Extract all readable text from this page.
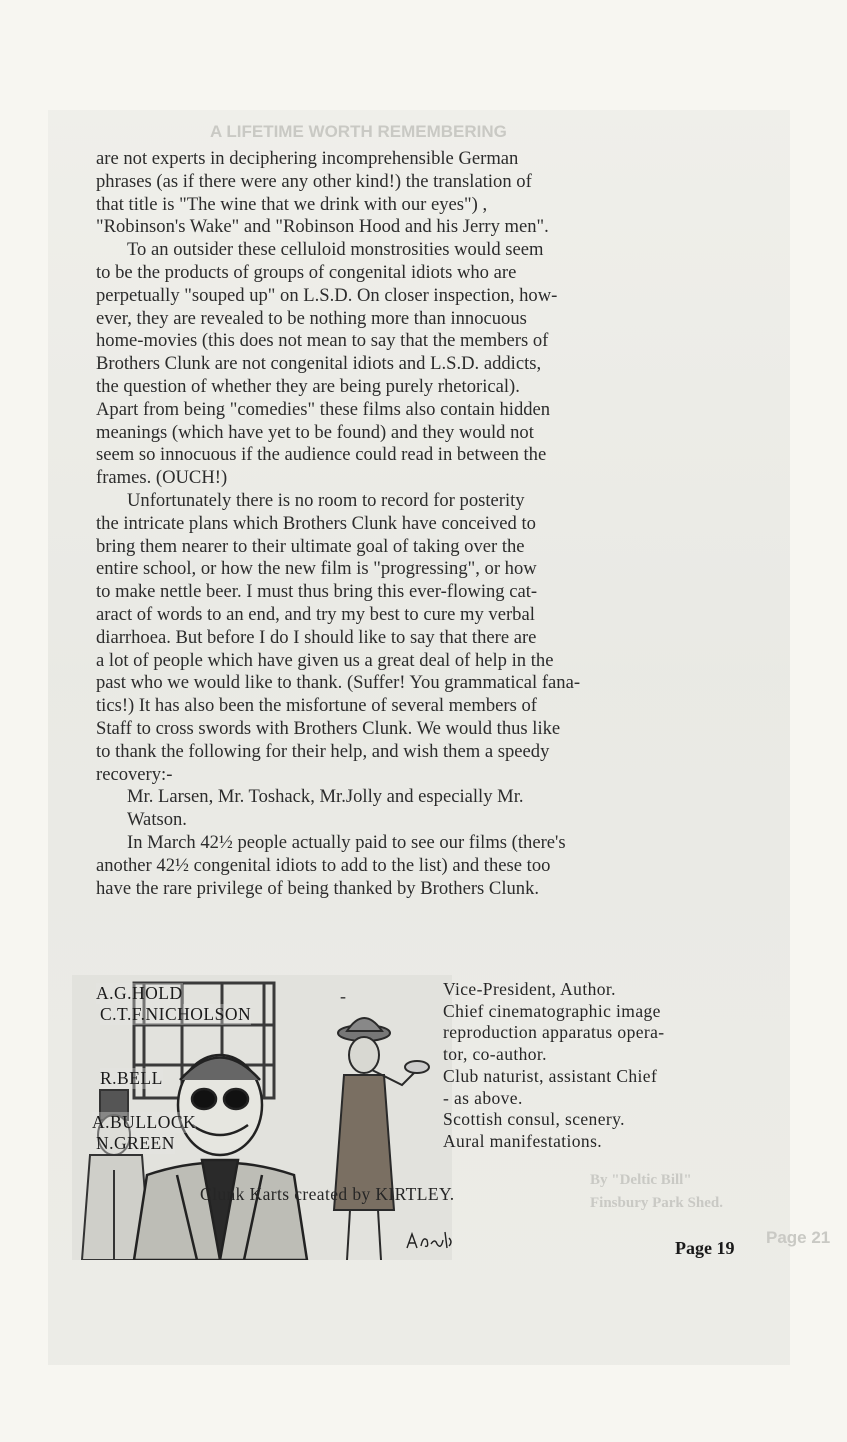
A LIFETIME WORTH REMEMBERING
Page 21
By "Deltic Bill"
Finsbury Park Shed.
are not experts in deciphering incomprehensible German
phrases (as if there were any other kind!) the translation of
that title is "The wine that we drink with our eyes") ,
"Robinson's Wake" and "Robinson Hood and his Jerry men".
To an outsider these celluloid monstrosities would seem
to be the products of groups of congenital idiots who are
perpetually "souped up" on L.S.D. On closer inspection, how-
ever, they are revealed to be nothing more than innocuous
home-movies (this does not mean to say that the members of
Brothers Clunk are not congenital idiots and L.S.D. addicts,
the question of whether they are being purely rhetorical).
Apart from being "comedies" these films also contain hidden
meanings (which have yet to be found) and they would not
seem so innocuous if the audience could read in between the
frames. (OUCH!)
Unfortunately there is no room to record for posterity
the intricate plans which Brothers Clunk have conceived to
bring them nearer to their ultimate goal of taking over the
entire school, or how the new film is "progressing", or how
to make nettle beer. I must thus bring this ever-flowing cat-
aract of words to an end, and try my best to cure my verbal
diarrhoea. But before I do I should like to say that there are
a lot of people which have given us a great deal of help in the
past who we would like to thank. (Suffer! You grammatical fana-
tics!) It has also been the misfortune of several members of
Staff to cross swords with Brothers Clunk. We would thus like
to thank the following for their help, and wish them a speedy
recovery:-
Mr. Larsen, Mr. Toshack, Mr.Jolly and especially Mr.
Watson.
In March 42½ people actually paid to see our films (there's
another 42½ congenital idiots to add to the list) and these too
have the rare privilege of being thanked by Brothers Clunk.
A.G.HOLD
C.T.F.NICHOLSON
R.BELL
A.BULLOCK
N.GREEN
-	Vice-President, Author.
Chief cinematographic image
reproduction apparatus opera-
tor, co-author.
Club naturist, assistant Chief
- as above.
Scottish consul, scenery.
Aural manifestations.
Clunk Karts created by KIRTLEY.
Page 19
